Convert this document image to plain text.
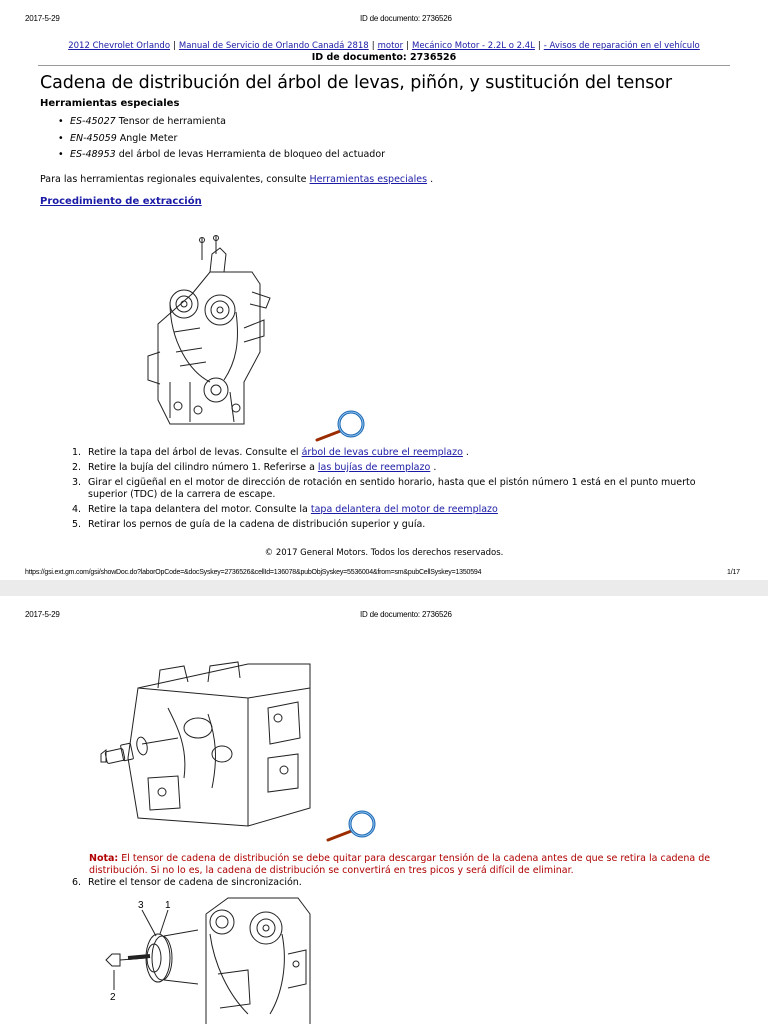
2017-5-29	ID de documento: 2736526
2012 Chevrolet Orlando | Manual de Servicio de Orlando Canadá 2818 | motor | Mecánico Motor - 2.2L o 2.4L | - Avisos de reparación en el vehículo
ID de documento: 2736526
Cadena de distribución del árbol de levas, piñón, y sustitución del tensor
Herramientas especiales
• ES-45027 Tensor de herramienta
• EN-45059 Angle Meter
• ES-48953 del árbol de levas Herramienta de bloqueo del actuador
Para las herramientas regionales equivalentes, consulte Herramientas especiales .
Procedimiento de extracción
1. Retire la tapa del árbol de levas. Consulte el árbol de levas cubre el reemplazo .
2. Retire la bujía del cilindro número 1. Referirse a las bujías de reemplazo .
3. Girar el cigüeñal en el motor de dirección de rotación en sentido horario, hasta que el pistón número 1 está en el punto muerto superior (TDC) de la carrera de escape.
4. Retire la tapa delantera del motor. Consulte la tapa delantera del motor de reemplazo
5. Retirar los pernos de guía de la cadena de distribución superior y guía.
© 2017 General Motors. Todos los derechos reservados.
https://gsi.ext.gm.com/gsi/showDoc.do?laborOpCode=&docSyskey=2736526&cellId=136078&pubObjSyskey=5536004&from=sm&pubCellSyskey=1350594	1/17
2017-5-29	ID de documento: 2736526
Nota: El tensor de cadena de distribución se debe quitar para descargar tensión de la cadena antes de que se retira la cadena de distribución. Si no lo es, la cadena de distribución se convertirá en tres picos y será difícil de eliminar.
6. Retire el tensor de cadena de sincronización.
3 1
2
